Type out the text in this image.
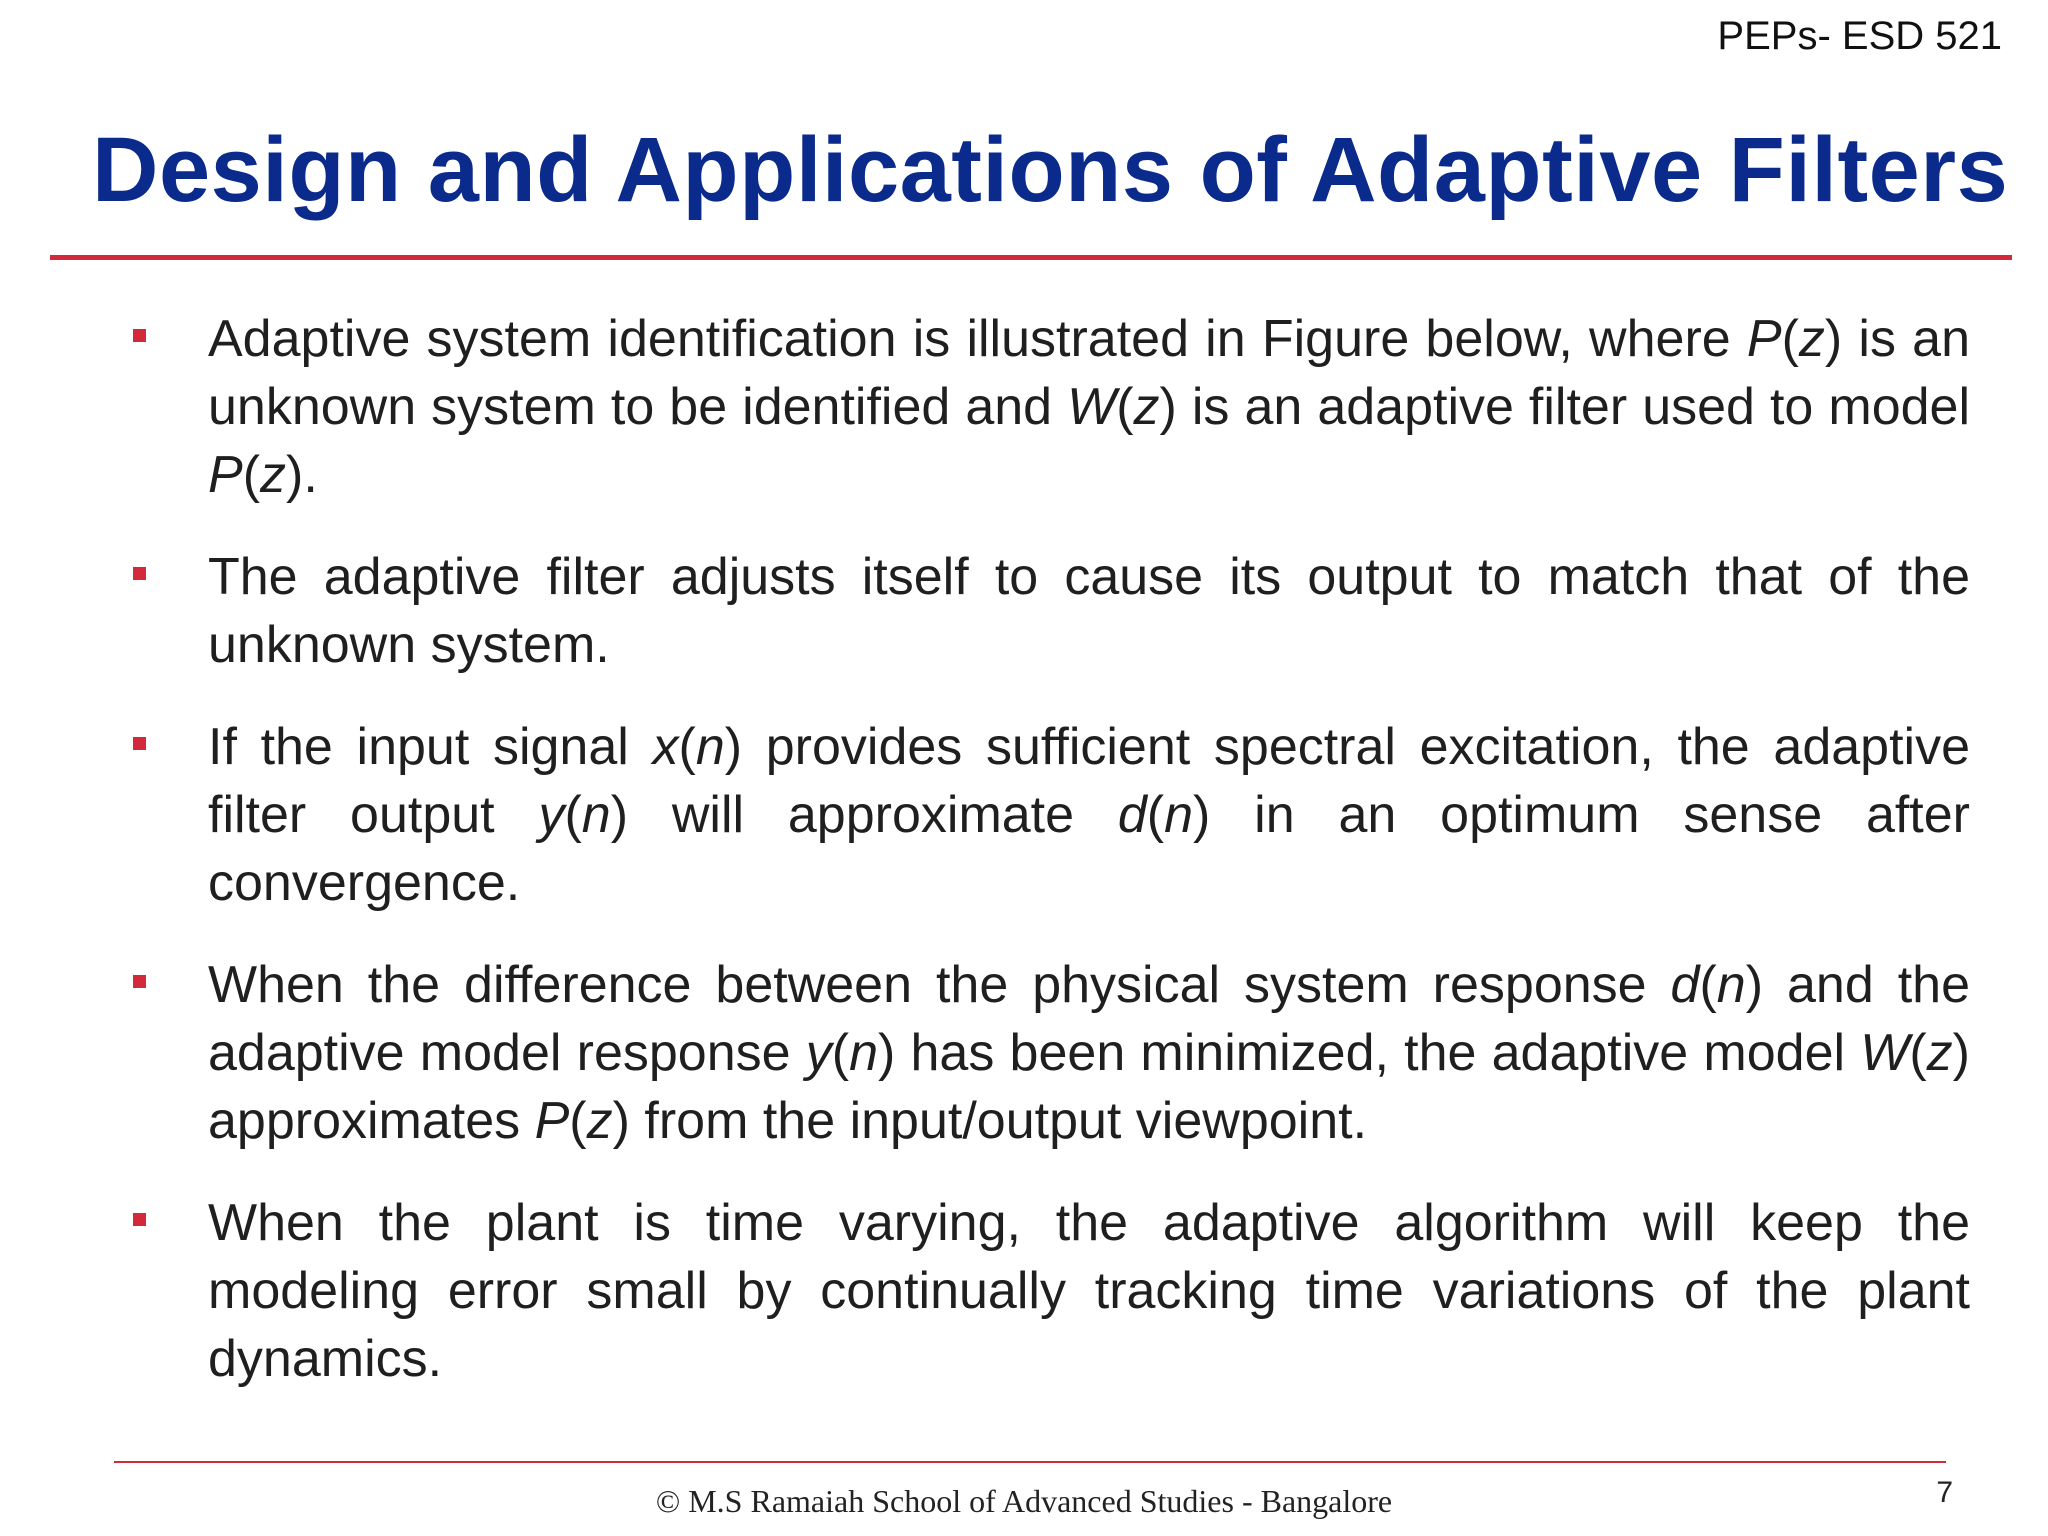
PEPs- ESD 521
Design and Applications of Adaptive Filters
Adaptive system identification is illustrated in Figure below, where P(z) is an unknown system to be identified and W(z) is an adaptive filter used to model P(z).
The adaptive filter adjusts itself to cause its output to match that of the unknown system.
If the input signal x(n) provides sufficient spectral excitation, the adaptive filter output y(n) will approximate d(n) in an optimum sense after convergence.
When the difference between the physical system response d(n) and the adaptive model response y(n) has been minimized, the adaptive model W(z) approximates P(z) from the input/output viewpoint.
When the plant is time varying, the adaptive algorithm will keep the modeling error small by continually tracking time variations of the plant dynamics.
© M.S Ramaiah School of Advanced Studies - Bangalore	7
